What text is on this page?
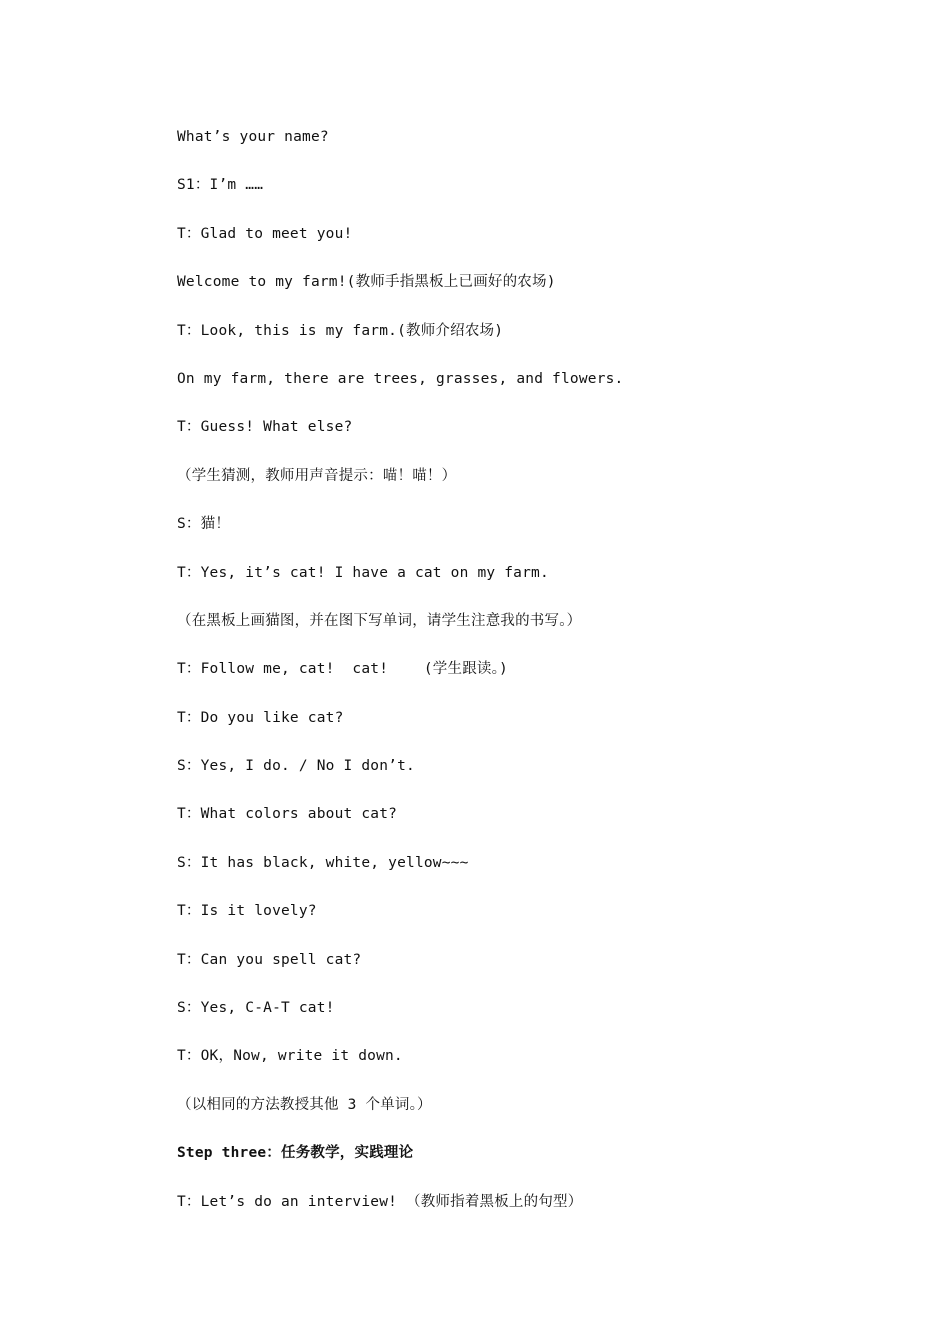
What’s your name?
S1：I’m ……
T：Glad to meet you!
Welcome to my farm!(教师手指黑板上已画好的农场)
T：Look, this is my farm.(教师介绍农场)
On my farm, there are trees, grasses, and flowers.
T：Guess! What else?
（学生猜测，教师用声音提示：喵！喵！）
S：猫！
T：Yes, it’s cat! I have a cat on my farm.
（在黑板上画猫图，并在图下写单词，请学生注意我的书写。）
T：Follow me, cat!  cat!    (学生跟读。)
T：Do you like cat?
S：Yes, I do. / No I don’t.
T：What colors about cat?
S：It has black, white, yellow~~~
T：Is it lovely?
T：Can you spell cat?
S：Yes, C-A-T cat!
T：OK，Now, write it down.
（以相同的方法教授其他 3 个单词。）
Step three：任务教学，实践理论
T：Let’s do an interview! （教师指着黑板上的句型）
